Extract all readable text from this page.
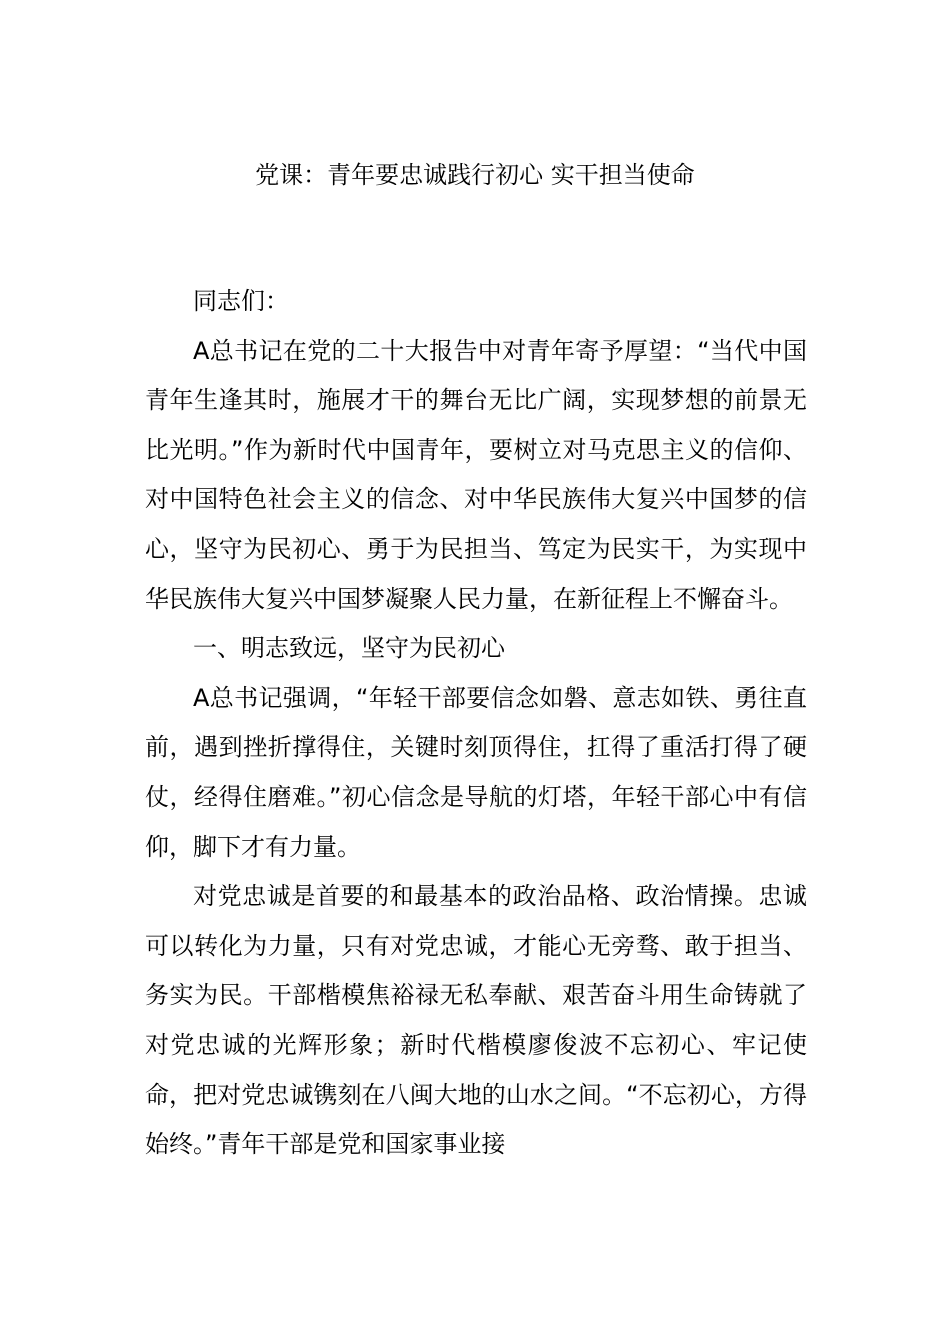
党课：青年要忠诚践行初心 实干担当使命

同志们：

A总书记在党的二十大报告中对青年寄予厚望：“当代中国青年生逢其时，施展才干的舞台无比广阔，实现梦想的前景无比光明。”作为新时代中国青年，要树立对马克思主义的信仰、对中国特色社会主义的信念、对中华民族伟大复兴中国梦的信心，坚守为民初心、勇于为民担当、笃定为民实干，为实现中华民族伟大复兴中国梦凝聚人民力量，在新征程上不懈奋斗。

一、明志致远，坚守为民初心

A总书记强调，“年轻干部要信念如磐、意志如铁、勇往直前，遇到挫折撑得住，关键时刻顶得住，扛得了重活打得了硬仗，经得住磨难。”初心信念是导航的灯塔，年轻干部心中有信仰，脚下才有力量。

对党忠诚是首要的和最基本的政治品格、政治情操。忠诚可以转化为力量，只有对党忠诚，才能心无旁骛、敢于担当、务实为民。干部楷模焦裕禄无私奉献、艰苦奋斗用生命铸就了对党忠诚的光辉形象；新时代楷模廖俊波不忘初心、牢记使命，把对党忠诚镌刻在八闽大地的山水之间。“不忘初心，方得始终。”青年干部是党和国家事业接
